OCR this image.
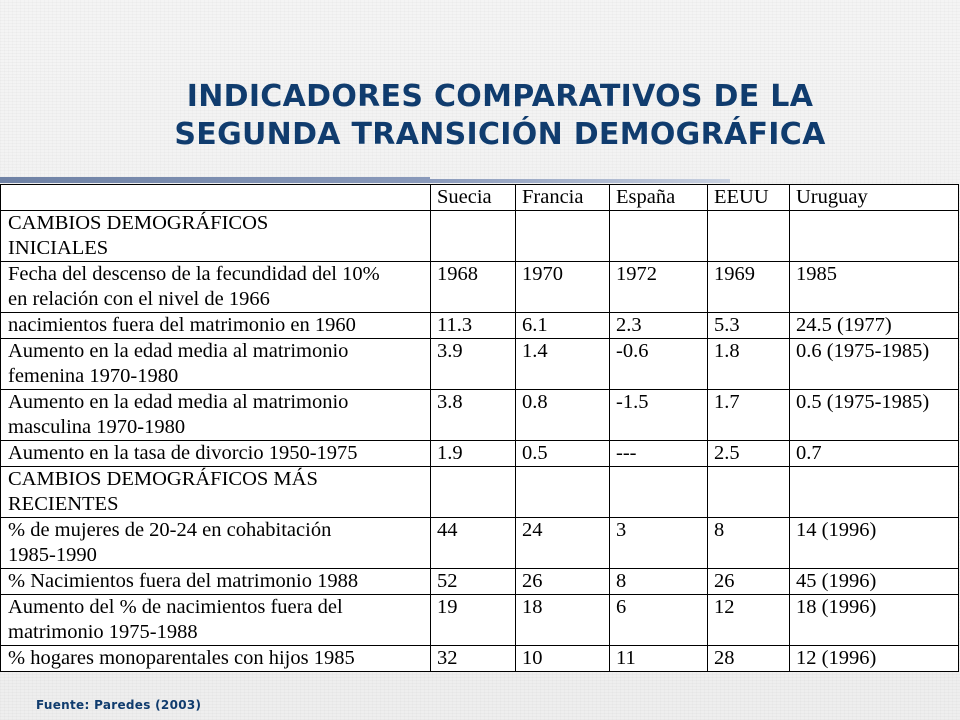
INDICADORES COMPARATIVOS DE LA
SEGUNDA TRANSICIÓN DEMOGRÁFICA
	Suecia	Francia	España	EEUU	Uruguay

CAMBIOS DEMOGRÁFICOS
INICIALES					

Fecha del descenso de la fecundidad del 10%
en relación con el nivel de 1966	1968	1970	1972	1969	1985

nacimientos fuera del matrimonio en 1960	11.3	6.1	2.3	5.3	24.5 (1977)

Aumento en la edad media al matrimonio
femenina 1970-1980	3.9	1.4	-0.6	1.8	0.6 (1975-1985)

Aumento en la edad media al matrimonio
masculina 1970-1980	3.8	0.8	-1.5	1.7	0.5 (1975-1985)

Aumento en la tasa de divorcio 1950-1975	1.9	0.5	---	2.5	0.7

CAMBIOS DEMOGRÁFICOS MÁS
RECIENTES					

% de mujeres de 20-24 en cohabitación
1985-1990	44	24	3	8	14 (1996)

% Nacimientos fuera del matrimonio 1988	52	26	8	26	45 (1996)

Aumento del % de nacimientos fuera del
matrimonio 1975-1988	19	18	6	12	18 (1996)

% hogares monoparentales con hijos 1985	32	10	11	28	12 (1996)
Fuente: Paredes (2003)
